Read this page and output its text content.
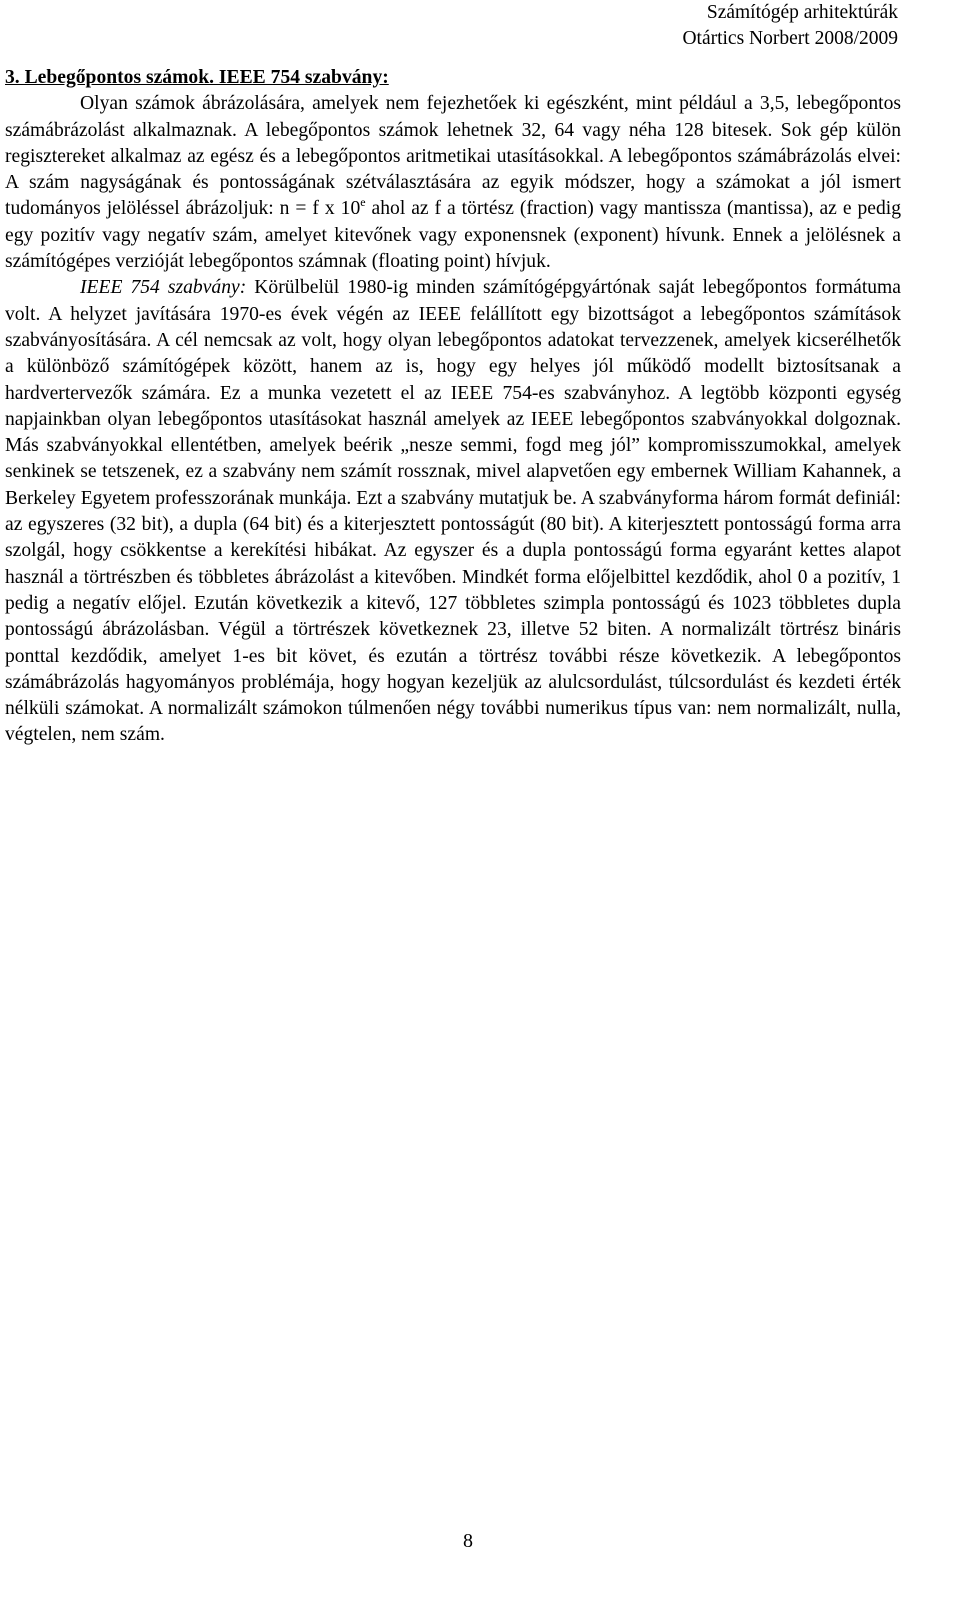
Számítógép arhitektúrák
Otártics Norbert 2008/2009
3. Lebegőpontos számok. IEEE 754 szabvány:

Olyan számok ábrázolására, amelyek nem fejezhetőek ki egészként, mint például a 3,5, lebegőpontos számábrázolást alkalmaznak. A lebegőpontos számok lehetnek 32, 64 vagy néha 128 bitesek. Sok gép külön regisztereket alkalmaz az egész és a lebegőpontos aritmetikai utasításokkal. A lebegőpontos számábrázolás elvei: A szám nagyságának és pontosságának szétválasztására az egyik módszer, hogy a számokat a jól ismert tudományos jelöléssel ábrázoljuk: n = f x 10e ahol az f a törtész (fraction) vagy mantissza (mantissa), az e pedig egy pozitív vagy negatív szám, amelyet kitevőnek vagy exponensnek (exponent) hívunk. Ennek a jelölésnek a számítógépes verzióját lebegőpontos számnak (floating point) hívjuk.

IEEE 754 szabvány: Körülbelül 1980-ig minden számítógépgyártónak saját lebegőpontos formátuma volt. A helyzet javítására 1970-es évek végén az IEEE felállított egy bizottságot a lebegőpontos számítások szabványosítására. A cél nemcsak az volt, hogy olyan lebegőpontos adatokat tervezzenek, amelyek kicserélhetők a különböző számítógépek között, hanem az is, hogy egy helyes jól működő modellt biztosítsanak a hardvertervezők számára. Ez a munka vezetett el az IEEE 754-es szabványhoz. A legtöbb központi egység napjainkban olyan lebegőpontos utasításokat használ amelyek az IEEE lebegőpontos szabványokkal dolgoznak. Más szabványokkal ellentétben, amelyek beérik „nesze semmi, fogd meg jól” kompromisszumokkal, amelyek senkinek se tetszenek, ez a szabvány nem számít rossznak, mivel alapvetően egy embernek William Kahannek, a Berkeley Egyetem professzorának munkája. Ezt a szabvány mutatjuk be. A szabványforma három formát definiál: az egyszeres (32 bit), a dupla (64 bit) és a kiterjesztett pontosságút (80 bit). A kiterjesztett pontosságú forma arra szolgál, hogy csökkentse a kerekítési hibákat. Az egyszer és a dupla pontosságú forma egyaránt kettes alapot használ a törtrészben és többletes ábrázolást a kitevőben. Mindkét forma előjelbittel kezdődik, ahol 0 a pozitív, 1 pedig a negatív előjel. Ezután következik a kitevő, 127 többletes szimpla pontosságú és 1023 többletes dupla pontosságú ábrázolásban. Végül a törtrészek következnek 23, illetve 52 biten. A normalizált törtrész bináris ponttal kezdődik, amelyet 1-es bit követ, és ezután a törtrész további része következik. A lebegőpontos számábrázolás hagyományos problémája, hogy hogyan kezeljük az alulcsordulást, túlcsordulást és kezdeti érték nélküli számokat. A normalizált számokon túlmenően négy további numerikus típus van: nem normalizált, nulla, végtelen, nem szám.

8
